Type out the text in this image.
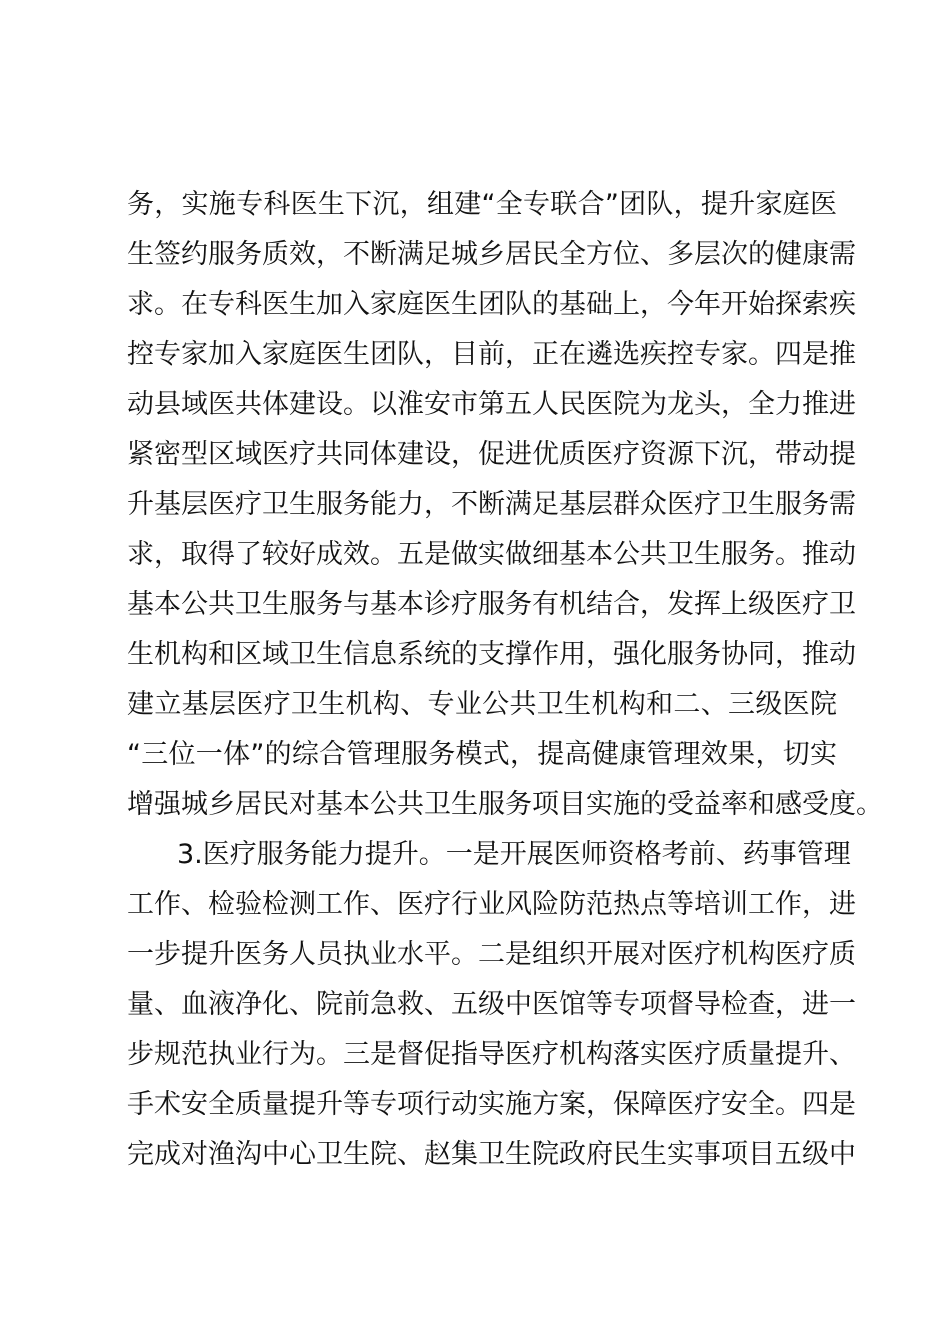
务，实施专科医生下沉，组建“全专联合”团队，提升家庭医
生签约服务质效，不断满足城乡居民全方位、多层次的健康需
求。在专科医生加入家庭医生团队的基础上，今年开始探索疾
控专家加入家庭医生团队，目前，正在遴选疾控专家。四是推
动县域医共体建设。以淮安市第五人民医院为龙头，全力推进
紧密型区域医疗共同体建设，促进优质医疗资源下沉，带动提
升基层医疗卫生服务能力，不断满足基层群众医疗卫生服务需
求，取得了较好成效。五是做实做细基本公共卫生服务。推动
基本公共卫生服务与基本诊疗服务有机结合，发挥上级医疗卫
生机构和区域卫生信息系统的支撑作用，强化服务协同，推动
建立基层医疗卫生机构、专业公共卫生机构和二、三级医院
“三位一体”的综合管理服务模式，提高健康管理效果，切实
增强城乡居民对基本公共卫生服务项目实施的受益率和感受度。
3.医疗服务能力提升。一是开展医师资格考前、药事管理
工作、检验检测工作、医疗行业风险防范热点等培训工作，进
一步提升医务人员执业水平。二是组织开展对医疗机构医疗质
量、血液净化、院前急救、五级中医馆等专项督导检查，进一
步规范执业行为。三是督促指导医疗机构落实医疗质量提升、
手术安全质量提升等专项行动实施方案，保障医疗安全。四是
完成对渔沟中心卫生院、赵集卫生院政府民生实事项目五级中
